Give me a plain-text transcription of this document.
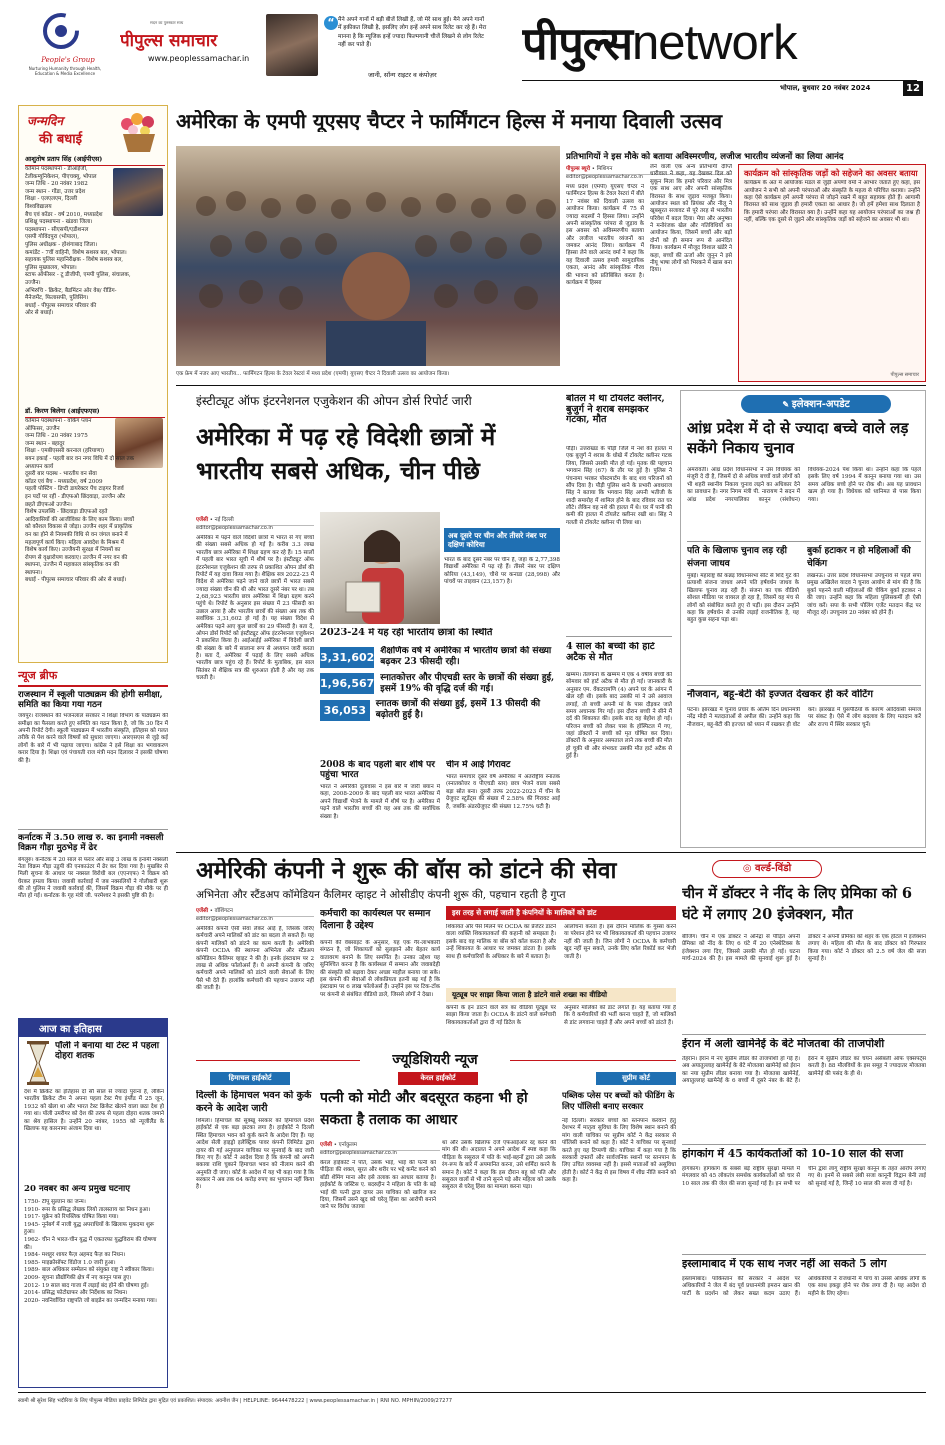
People's Group
Nurturing Humanity through Health, Education & Media Excellence
सदन का पुरुस्कार साथ
पीपुल्स समाचार
www.peoplessamachar.in
“ मैने अपने गानों में बड़ी बीजें लिखी हैं, जो मेरे साथ हुईं। मैने अपने गानों में हकीकत लिखी है, इसलिए लोग इन्हें अपने साथ रिलेट कर रहे हैं। मेरा मानना है कि म्यूजिक इन्हें ज्यादा फिल्मगानी चीजें लिखने से लोग रिलेट नहीं कर पाते हैं।
जानी, सॉन्ग राइटर व कंपोज़र
पीपुल्सnetwork
भोपाल, बुधवार 20 नवंबर 2024	12
जन्मदिन
की बधाई
आशुतोष प्रताप सिंह (आईपीएस)
वर्तमान पदस्थापना - डीआईजी,
टेलीकम्युनिकेशन, पीएचक्यू, भोपाल
जन्म तिथि - 20 नवंबर 1982
जन्म स्थान - गोंडा, उत्तर प्रदेश
शिक्षा - एलएलएम, दिल्ली
विश्वविद्यालय
बैच एवं कॉडर - वर्ष 2010, मध्यप्रदेश
प्रशिक्षु पदस्थापना - खंडवा जिला।
पदस्थापना - सीएसपी/एडीशनल
एसपी गोविंदपुरा (भोपाल),
पुलिस अधीक्षक - होशंगाबाद जिला।
कमांडेंट - 7वीं वाहिनी, विशेष सशस्त्र बल, भोपाल।
सहायक पुलिस महानिरीक्षक - विशेष सशस्त्र बल,
पुलिस मुख्यालय, भोपाल।
स्टाफ ऑफीसर - टू डीजीपी, एमपी पुलिस, संचालक,
उज्जैन।
अभिरुचि - क्रिकेट, बैडमिंटन ओर वेब/ रीडिंग-
मैनेजमेंट, फिलासफी, पुलिसिंग।
बधाई - पीपुल्स समाचार परिवार की
ओर से बधाई।
डॉ. किरण बिलेगा (आईएफएस)
वर्तमान पदस्थापना - वर्किंग प्लान
ऑफिसर, उज्जैन
जन्म तिथि - 20 नवंबर 1975
जन्म स्थान - बहादुर
शिक्षा - एमबीएससी करनाल (हरियाणा)
बयन इकाई - पहली बार वन नगर विधि में दो साल तक
अध्यापन कार्य
दूसरी बार पदस्थ - भारतीय वन सेवा
कॉडर एवं बैच - मध्यप्रदेश, वर्ष 2009
पहली पोस्टिंग - डिप्टी डायरेक्टर पेंच टाइगर रिजर्व
इन पदों पर रहीं - डीएफओ छिंदवाड़ा, उज्जैन और
छहते डीएफओ उज्जैन।
विशेष उपलब्धि - छिंदवाड़ा डीएफओ रहते
आदिवासियों की आजीविका के लिए काम किया। बच्चों
को कौशल विकास से जोड़ा। उज्जैन शहर में प्राकृतिक
वन का होने से नियमकी विधि से वन जंगल बनाने में
महत्वपूर्ण कार्य किए। महिला आवदेश के मिश्रम में
विशेष कार्य किए। उज्जैयनी सुरक्षा में नियमों का
रोपण से वृक्षारोपण करवाए। उज्जैन में नगर वन की
स्थापना, उज्जैन में महाकाल सांस्कृतिक वन की
स्थापना।
बधाई - पीपुल्स समाचार परिवार की ओर से बधाई।
न्यूज ब्रीफ
राजस्थान में स्कूली पाठ्यक्रम की होगी समीक्षा, समिति का किया गया गठन
जयपुर। राजस्थान की भजनलाल सरकार ने शिक्षा विभाग के पाठ्यक्रम की समीक्षा का फैसला करते हुए समिति का गठन किया है, जो कि 30 दिन में अपनी रिपोर्ट देगी। स्कूली पाठ्यक्रम में भारतीय संस्कृति, इतिहास को गलत तरीके से पेश करने वाले विषयों को सुधारा जाएगा। आरएसएस से जुड़े कई लोगों के बारे में भी पढ़ाया जाएगा। कांग्रेस ने इसे शिक्षा का भगवाकरण करार दिया है। शिक्षा एवं पंचायती राज मंत्री मदन दिलावर ने इसकी घोषणा की है।
कर्नाटक में 3.50 लाख रु. का इनामी नक्सली विक्रम गौड़ा मुठभेड़ में ढेर
बेंगलुरु। कर्नाटक में 20 साल से फरार और साढ़े 3 लाख के इनामी नक्सली नेता विक्रम गौड़ा उडुपी की एनकाउंटर में ढेर कर दिया गया है। मुखबिर से मिली सूचना के आधार पर नक्सल विरोधी बल (एएनएफ) ने विक्रम को घेरकर हमला किया। जवाबी कार्रवाई में जब नक्सलियों ने गोलीबारी शुरू की तो पुलिस ने जवाबी कार्रवाई की, जिसमें विक्रम गौड़ा की मौके पर ही मौत हो गई। कर्नाटक के गृह मंत्री जी. परमेश्वर ने इसकी पुष्टि की है।
आज का इतिहास
पॉली ने बनाया था टेस्ट में पहला दोहरा शतक
देश में क्रिकेट का इतिहास दो सौ साल से ज्यादा पुराना है, लेकिन भारतीय क्रिकेट टीम ने अपना पहला टेस्ट मैच इंग्लैंड में 25 जून, 1932 को खेला था और भारत टेस्ट क्रिकेट खेलने वाला छठा देश हो गया था। पॉली उमरीगर को देश की तरफ से पहला दोहरा शतक जमाने का श्रेय हासिल है। उन्होंने 20 नवंबर, 1955 को न्यूजीलैंड के खिलाफ यह कारनामा अंजाम दिया था।
20 नवंबर की अन्य प्रमुख घटनाएं
1750- टीपू सुल्तान का जन्म।
1910- रूस के प्रसिद्ध लेखक लियो तालस्ताय का निधन हुआ।
1917- यूक्रेन को रिपब्लिक घोषित किया गया।
1945- नूर्नबर्ग में नाजी युद्ध अपराधियों के खिलाफ मुकदमा शुरू हुआ।
1962- चीन ने भारत-चीन युद्ध में एकतरफा युद्धविराम की घोषणा की।
1984- मशहूर शायर फैज़ अहमद फैज़ का निधन।
1985- माइक्रोसॉफ्ट विंडोज 1.0 जारी हुआ।
1989- बाल अधिकार सम्मेलन को संयुक्त राष्ट्र ने स्वीकार किया।
2009- सूचना प्रौद्योगिकी क्षेत्र में नए कानून पास हुए।
2012- 19 साल बाद गाजा में लड़ाई बंद होने की घोषणा हुई।
2014- प्रसिद्ध फोटोग्राफर और निर्देशक का निधन।
2020- नवनिर्वाचित राष्ट्रपति जो बाइडेन का जन्मदिन मनाया गया।
अमेरिका के एमपी यूएसए चैप्टर ने फार्मिंगटन हिल्स में मनाया दिवाली उत्सव
एक फ्रेम में नजर आए भारतीय... फार्मिंगटन हिल्स के टेवल रेस्टरां में मध्य प्रदेश (एमपी) यूएसए चैप्टर ने दिवाली उत्सव का आयोजन किया।
प्रतिभागियों ने इस मौके को बताया अविस्मरणीय, लजीज भारतीय व्यंजनों का लिया आनंद
पीपुल्स ब्यूरो • मिशिगन
editor@peoplessamachar.co.in
मध्य प्रदेश (एमपी) यूएसए चैप्टर ने फार्मिंगटन हिल्स के टेवल रेस्टरां में बीते 17 नवंबर को दिवाली उत्सव का आयोजन किया। कार्यक्रम में 75 से ज्यादा सदस्यों ने हिस्सा लिया। उन्होंने अपनी सांस्कृतिक परंपरा से जुड़ाव के इस अवसर को अविस्मरणीय बताया और लजीज भारतीय व्यंजनों का जमकर आनंद लिया। कार्यक्रम में हिस्सा लेने वाले आनंद वर्मा ने कहा कि यह दिवाली उत्सव हमारी सामुदायिक एकता, आनंद और सांस्कृतिक गौरव की भावना को प्रतिबिंबित करता है। कार्यक्रम में हिस्सा
लेने वाली एक अन्य प्रतिभागी दीप्ति धारीवाल ने कहा, यह देखकर दिल को सुकून मिला कि हमारे परिवार और मित्र एक साथ आए और अपनी सांस्कृतिक विरासत के साथ जुड़ाव मजबूत किया। आयोजन स्थल को प्रियंका और नीलू ने खूबसूरत सजावट से पूरे तरह से भारतीय परिवेश में बदल दिया। मेघा और अनुष्का ने मनोरंजक खेल और गतिविधियों का आयोजन किया, जिसमें बच्चों और बड़ों दोनों को ही समान रूप से आनंदित किया। कार्यक्रम में मौजूद विशाल खंडेरे ने कहा, बच्चों की ऊर्जा और जुनून ने इसे नीयू भाषा लोगों को भिरकने में खास बना दिया।
कार्यक्रम को सांस्कृतिक जड़ों को सहेजने का अवसर बताया
कार्यक्रम के अंत में आयोजक मंडल से जुड़ी अपर्णा वर्मा ने आभार जताते हुए कहा, इस आयोजन ने सभी को अपनी परंपराओं और संस्कृति के महत्व से परिचित कराया। उन्होंने कहा ऐसे कार्यक्रम हमें अपनी परंपरा से जोड़ने रखने में बहुत सहायक होते हैं। आगामी विरासत को साथ जुड़ाव ही हमारी एकता का आधार है। जो हमें हमेशा साथ दिलाता है कि हमारी परंपरा और विरासत क्या है। उन्होंने कहा यह आयोजन परंपराओं का जश्न ही नहीं, बल्कि एक दूसरे से जुड़ने और सांस्कृतिक जड़ों को सहेजने का अवसर भी था।
पीपुल्स समाचार
इंस्टीट्यूट ऑफ इंटरनेशनल एजुकेशन की ओपन डोर्स रिपोर्ट जारी
अमेरिका में पढ़ रहे विदेशी छात्रों में भारतीय सबसे अधिक, चीन पीछे
एजेंसी • नई दिल्ली
editor@peoplessamachar.co.in
अमेरिका में पढ़ने वाले विदेशी छात्रों में भारत से गए बच्चों की संख्या सबसे अधिक हो गई है। करीब 3.3 लाख भारतीय छात्र अमेरिका में शिक्षा ग्रहण कर रहे हैं। 15 सालों में पहली बार भारत सूची में शीर्ष पर है। इंस्टीट्यूट ऑफ इंटरनेशनल एजुकेशन की तरफ से प्रकाशित ओपन डोर्स की रिपोर्ट में यह दावा किया गया है। शैक्षिक सत्र 2022-23 में विदेश से अमेरिका पढ़ने जाने वाले छात्रों में भारत सबसे ज्यादा संख्या चीन की थी और भारत दूसरे नंबर पर था। तब 2,68,923 भारतीय छात्र अमेरिका में शिक्षा ग्रहण करने पहुंचे थे। रिपोर्ट के अनुसार इस संख्या में 23 फीसदी का उछाल आया है और भारतीय छात्रों की संख्या अब तक की सर्वाधिक 3,31,602 हो गई है। यह संख्या विदेश से अमेरिका पढ़ने आए कुल छात्रों का 29 फीसदी है। बता दें, ओपन डोर्स रिपोर्ट को इंस्टीट्यूट ऑफ इंटरनेशनल एजुकेशन ने प्रकाशित किया है। आईआईई अमेरिका में विदेशी छात्रों की संख्या के बारे में सालाना रूप से अध्ययन जारी करता है। बता दें, अमेरिका में पढ़ाई के लिए सबसे अधिक भारतीय छात्र पहुंच रहे हैं। रिपोर्ट के मुताबिक, इस साल सितंबर से शैक्षिक सत्र की शुरुआत होती है और यह तक चलती है।
अब दूसरे पर चीन और तीसरे नंबर पर दक्षिण कोरिया
भारत के बाद दूसरे नंबर पर चीन है, जहां के 2,77,398 विद्यार्थी अमेरिका में पढ़ रहे हैं। तीसरे नंबर पर दक्षिण कोरिया (43,149), चौथे पर कनाडा (28,998) और पांचवें पर ताइवान (23,157) है।
2023-24 में यह रही भारतीय छात्रों की स्थिति
3,31,602 शैक्षणिक वर्ष में अमेरिका में भारतीय छात्रों की संख्या बढ़कर 23 फीसदी रही।
1,96,567 स्नातकोत्तर और पीएचडी स्तर के छात्रों की संख्या हुई, इसमें 19% की वृद्धि दर्ज की गई।
36,053	स्नातक छात्रों की संख्या हुई, इसमें 13 फीसदी की बढ़ोतरी हुई है।
2008 के बाद पहली बार शीर्ष पर पहुंचा भारत
भारत ने अमेरिकी दूतावास ने इस बारे में जारी बयान में कहा, 2008-2009 के बाद पहली बार भारत अमेरिका में अपने विद्यार्थी भेजने के मामले में शीर्ष पर है। अमेरिका में पढ़ने वाले भारतीय बच्चों की यह अब तक की सर्वाधिक संख्या है।
चीन में आई गिरावट
भारत समाचार दूसरे वर्ष अमेरिका में अंतर्राष्ट्रीय स्नातक (स्नातकोत्तर व पीएचडी स्तर) छात्र भेजने वाला सबसे बड़ा स्रोत बना। दूसरी तरफ 2022-2023 में चीन के ग्रेजुएट स्टूडेंट्स की संख्या में 2.58% की गिरावट आई है, जबकि अंडरग्रेजुएट की संख्या 12.75% घटी है।
बोतल में था टॉयलेट क्लीनर, बुजुर्ग ने शराब समझकर गटका, मौत
पौड़ी। उत्तराखंड के पौड़ी जिले में नशे की हालत में एक बुजुर्ग ने शराब के धोखे में टॉयलेट क्लीनर गटक लिया, जिससे उसकी मौत हो गई। मृतक की पहचान भगवान सिंह (67) के तौर पर हुई है। पुलिस ने पंचनामा भरकर पोस्टमार्टम के बाद शव परिजनों को सौंप दिया है। पौड़ी पुलिस थाने के प्रभारी अवधराज सिंह ने बताया कि भगवान सिंह अपनी भतीजी के शादी समारोह में शामिल होने के बाद रविवार रात घर लौटे। लेकिन वह नशे की हालत में थे। घर में पानी की कमी की हालत में टॉयलेट क्लीनर रखी था। सिंह ने गलती से टॉयलेट क्लीनर पी लिया था।
4 साल की बच्ची की हार्ट अटैक से मौत
खम्मम। तेलंगाना के खम्मम में एक 4 वर्षीय बच्ची की सोमवार को हार्ट अटैक से मौत हो गई। जानकारी के अनुसार एम. वेंकटरामणि (4) अपने घर के आंगन में खेल रही थी। इसके बाद उसकी मां ने उसे आवाज लगाई, तो बच्ची अपनी मां के पास दौड़कर जाते समय अचानक गिर गई। इस दौरान बच्ची ने सीने में दर्द की शिकायत की। इसके बाद वह बेहोश हो गई। परिजन बच्ची को लेकर पास के हॉस्पिटल में गए, जहां डॉक्टरों ने बच्ची को मृत घोषित कर दिया। डॉक्टरों के अनुसार अस्पताल लाने तक बच्ची की मौत हो चुकी थी और संभवतः उसकी मौत हार्ट अटैक से हुई है।
✎ इलेक्शन-अपडेट
आंध्र प्रदेश में दो से ज्यादा बच्चे वाले लड़ सकेंगे निकाय चुनाव
अमरावती। आंध्र प्रदेश विधानसभा ने उस विधेयक को मंजूरी दे दी है, जिसमें दो से अधिक बच्चों वाले लोगों को भी शहरी स्थानीय निकाय चुनाव लड़ने का अधिकार देने का प्रावधान है। नगर निगम मंत्री पी. नारायण ने सदन में आंध्र प्रदेश नगरपालिका कानून (संशोधन) विधेयक-2024 पेश किया था। उन्होंने कहा कि पहले इसके लिए वर्ष 1994 में कानून बनाया गया था। उस समय अधिक बच्चे होने पर रोक थी। अब यह प्रावधान खत्म हो गया है। विधेयक को ध्वनिमत से पास किया गया।
पति के खिलाफ चुनाव लड़ रही संजना जाधव
मुंबई। महाराष्ट्र की कन्नड़ विधानसभा सीट से शिंदे गुट की प्रत्याशी संजना जाधव अपने पति हर्षवर्धन जाधव के खिलाफ चुनाव लड़ रही हैं। संजना का एक वीडियो सोशल मीडिया पर वायरल हो रहा है, जिसमें वह मंच से लोगों को संबोधित करते हुए रो पड़ीं। इस दौरान उन्होंने कहा कि हर्षवर्धन से उनकी लड़ाई राजनीतिक है, यह बहुत कुछ सहना पड़ा था।
बुर्का हटाकर न हो महिलाओं की चेकिंग
लखनऊ। उत्तर प्रदेश विधानसभा उपचुनाव से पहले सपा प्रमुख अखिलेश यादव ने चुनाव आयोग से मांग की है कि बुर्का पहनने वाली महिलाओं की चेकिंग बुर्का हटाकर न की जाए। उन्होंने कहा कि महिला पुलिसकर्मी ही ऐसी जांच करें। सपा के सभी पोलिंग एजेंट मतदान केंद्र पर मौजूद रहें। उपचुनाव 20 नवंबर को होने हैं।
नौजवान, बहू-बेटी की इज्जत देखकर ही करें वोटिंग
पटना। झारखंड में चुनाव प्रचार के अंतिम दिन प्रधानमंत्री नरेंद्र मोदी ने मतदाताओं से अपील की। उन्होंने कहा कि नौजवान, बहू-बेटी की इज्जत को ध्यान में रखकर ही वोट करें। झारखंड में घुसपैठियों के कारण आदिवासी समाज पर संकट है। ऐसे में लोग बदलाव के लिए मतदान करें और राज्य में स्थिर सरकार चुनें।
अमेरिकी कंपनी ने शुरू की बॉस को डांटने की सेवा
अभिनेता और स्टैंडअप कॉमेडियन कैलिमर व्हाइट ने ओसीडीए कंपनी शुरू की, पहचान रहती है गुप्त
एजेंसी • वॉशिंगटन
editor@peoplessamachar.co.in
अमेरिकी कंपनी ऐसी सेवा लेकर आई है, जिसके जरिए कर्मचारी अपने मालिकों को डांट का बदला ले सकते हैं। यह कंपनी मालिकों को डांटने का काम करती है। अमेरिकी कंपनी OCDA की स्थापना अभिनेता और स्टैंडअप कॉमेडियन कैलिमर व्हाइट ने की है। इनके इंस्टाग्राम पर 2 लाख से अधिक फॉलोअर्स हैं। ये अपनी कंपनी के जरिए कर्मचारी अपने मालिकों को डांटने वाली सेवाओं के लिए पैसे भी देते हैं। हालांकि कर्मचारी की पहचान उजागर नहीं की जाती है।
कर्मचारी का कार्यस्थल पर सम्मान दिलाना है उद्देश्य
कंपनी की वेबसाइट के अनुसार, यह एक गैर-लाभकारी संगठन है, जो शिकायतों को सुलझाने और बेहतर कार्य वातावरण बनाने के लिए समर्पित है। उनका उद्देश्य यह सुनिश्चित करना है कि कार्यस्थल में सम्मान और जवाबदेही की संस्कृति को बढ़ावा देकर अच्छा माहौल बनाया जा सके। इस कंपनी की सेवाओं से लोकप्रियता इतनी बढ़ गई है कि इंस्टाग्राम पर 6 लाख फॉलोअर्स हैं। उन्होंने इस पर टिक-टॉक पर कंपनी से संबंधित वीडियो डाले, जिससे लोगों ने देखा।
इस तरह से लगाई जाती है कंपनियों के मालिकों को डांट
शिकायत और पैसे मिलने पर OCDA का प्रेजेंटर डांटने वाला व्यक्ति शिकायतकर्ता की कहानी को समझता है। इसके बाद वह मालिक या बॉस को कॉल करता है और उन्हें शिकायत के आधार पर जमकर डांटता है। इसके साथ ही कर्मचारियों के अधिकार के बारे में बताता है।
आलोचना करता है। इस दौरान मालिक के गुस्सा करने या परेशान होने पर भी शिकायतकर्ता की पहचान उजागर नहीं की जाती है। जिन लोगों ने OCDA के कर्मचारी खुद नहीं सुन सकते, उनके लिए कॉल रिकॉर्ड कर भेजी जाती है।
यूट्यूब पर साझा किया जाता है डांटने वाले शख्स का वीडियो
कंपनी के इन डांटने वाले सत्र का वीडियो यूट्यूब पर साझा किया जाता है। OCDA के डांटने वाले कर्मचारी शिकायतकर्ताओं द्वारा दी गई डिटेल के
अनुसार मालिकों को डांट लगाते हैं। यह बताया गया है कि वे कर्मचारियों की भर्ती करना चाहते हैं, जो मालिकों से डांट लगवाना चाहते हैं और अपने बच्चों को डांटते हैं।
ज्यूडिशियरी न्यूज
हिमाचल हाईकोर्ट
दिल्ली के हिमाचल भवन को कुर्क करने के आदेश जारी
शिमला। हिमाचल की सुक्खू सरकार को हिमाचल प्रदेश हाईकोर्ट से एक बड़ा झटका लगा है। हाईकोर्ट ने दिल्ली स्थित हिमाचल भवन को कुर्क करने के आदेश दिए हैं। यह आदेश सेली हाइड्रो इलेक्ट्रिक पावर कंपनी लिमिटेड द्वारा दायर की गई अनुपालन याचिका पर सुनवाई के बाद जारी किए गए हैं। कोर्ट ने आदेश दिया है कि कंपनी को अपनी बकाया राशि चुकाने हिमाचल भवन को नीलाम करने की अनुमति दी जाए। कोर्ट के आदेश में यह भी कहा गया है कि सरकार ने अब तक 64 करोड़ रुपए का भुगतान नहीं किया है।
केरल हाईकोर्ट
पत्नी को मोटी और बदसूरत कहना भी हो सकता है तलाक का आधार
एजेंसी • एर्नाकुलम
editor@peoplessamachar.co.in
केरल हाईकोर्ट ने पति, उसके भाई, भाई की पत्नी को पीड़िता की शक्ल, सूरत और शरीर पर भद्दे कमेंट करने को बॉडी शेमिंग माना और इसे तलाक का आधार बताया है। हाईकोर्ट के जस्टिस ए. बदरुद्दीन ने महिला के पति के बड़े भाई की पत्नी द्वारा दायर उस याचिका को खारिज कर दिया, जिसमें उसने खुद को घरेलू हिंसा का आरोपी बनाने जाने पर विरोध जताया
था और उसके खिलाफ दर्ज एफआईआर रद्द करने की मांग की थी। अदालत ने अपने आदेश में स्पष्ट कहा कि पीड़िता के ससुराल में पति के भाई-बहनों द्वारा उसे उसके रंग-रूप के बारे में अपमानित करना, उसे शर्मिंदा करने के समान है। कोर्ट ने कहा कि इस दौरान बहू को पति और ससुराल वालों से भी ताने सुनने पड़े और महिला को उसके ससुराल से घरेलू हिंसा का मामला करना पड़ा।
सुप्रीम कोर्ट
पब्लिक प्लेस पर बच्चों को फीडिंग के लिए पॉलिसी बनाए सरकार
नई दिल्ली। सरकार बच्चों को स्तनपान करवाने हेतु देशभर में मातृत्व सुविधा के लिए विशेष स्थान बनाने की मांग वाली याचिका पर सुप्रीम कोर्ट ने केंद्र सरकार से पॉलिसी बनाने को कहा है। कोर्ट ने याचिका पर सुनवाई करते हुए यह टिप्पणी की। याचिका में कहा गया है कि सरकारी दफ्तरों और सार्वजनिक स्थानों पर स्तनपान के लिए उचित व्यवस्था नहीं है। इससे माताओं को असुविधा होती है। कोर्ट ने केंद्र से इस विषय में शीघ्र नीति बनाने को कहा है।
◎ वर्ल्ड-विंडो
चीन में डॉक्टर ने नींद के लिए प्रेमिका को 6 घंटे में लगाए 20 इंजेक्शन, मौत
बीजिंग। चीन में एक डॉक्टर ने अनिद्रा से पीड़ित अपनी प्रेमिका को नींद के लिए 6 घंटे में 20 एनेस्थेटिक्स के इंजेक्शन लगा दिए, जिससे उसकी मौत हो गई। घटना मार्च-2024 की है। इस मामले की सुनवाई शुरू हुई है। डॉक्टर ने अपनी प्रेमिका को शहर के एक होटल में इंजेक्शन लगाए थे। महिला की मौत के बाद डॉक्टर को गिरफ्तार किया गया। कोर्ट ने डॉक्टर को 2.5 वर्ष जेल की सजा सुनाई है।
ईरान में अली खामेनेई के बेटे मोजतबा की ताजपोशी
तेहरान। ईरान में नए सुप्रीम लीडर की ताजपोशी हो गई है। अब अयातुल्लाह खामेनेई के बेटे मोजतबा खामेनेई को ईरान का नया सुप्रीम लीडर बनाया गया है। मोजतबा खामेनेई, अयातुल्लाह खामेनेई के 6 बच्चों में दूसरे नंबर के बेटे हैं। ईरान में सुप्रीम लीडर का चयन असेंबली ऑफ एक्सपर्ट्स करती है। 88 मौलवियों के इस समूह ने ज्यादातर मोजतबा खामेनेई की पसंद के ही थे।
हांगकांग में 45 कार्यकर्ताओं को 10-10 साल की सजा
हांगकांग। हांगकांग के सबसे बड़े राष्ट्रीय सुरक्षा मामले में मंगलवार को 45 लोकतंत्र समर्थक कार्यकर्ताओं को चार से 10 साल तक की जेल की सजा सुनाई गई है। इन सभी पर चीन द्वारा लागू राष्ट्रीय सुरक्षा कानून के तहत आरोप लगाए गए थे। इनमें से सबसे लंबी सजा कानूनी विद्वान बेनी ताई को सुनाई गई है, जिन्हें 10 साल की सजा दी गई है।
इस्लामाबाद में एक साथ नजर नहीं आ सकते 5 लोग
इस्लामाबाद। पाकिस्तान की सरकार ने आदेश पर अधिकारियों ने जेल में बंद पूर्व प्रधानमंत्री इमरान खान की पार्टी के प्रदर्शन को लेकर सख्त कदम उठाए हैं। अधिकारियों ने राजधानी में पांच या उससे अधिक लोगों के एक साथ इकट्ठा होने पर रोक लगा दी है। यह आदेश दो महीने के लिए रहेगा।
स्वामी श्री सुरेश सिंह भदौरिया के लिए पीपुल्स मीडिया प्राइवेट लिमिटेड द्वारा मुद्रित एवं प्रकाशित। संपादक: अवनीश जैन | HELPLINE: 9644478222 | www.peoplessamachar.in | RNI NO. MPHIN/2009/27277
